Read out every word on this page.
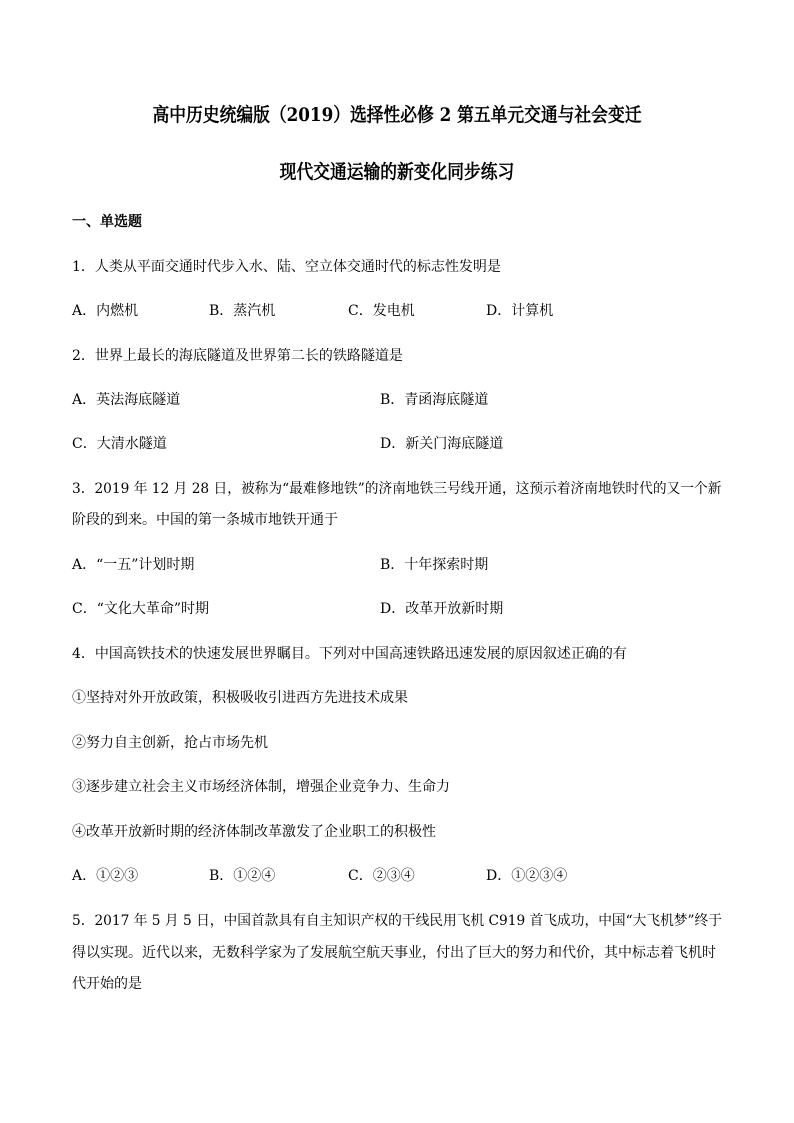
高中历史统编版（2019）选择性必修 2 第五单元交通与社会变迁
现代交通运输的新变化同步练习
一、单选题
1．人类从平面交通时代步入水、陆、空立体交通时代的标志性发明是
A．内燃机	B．蒸汽机	C．发电机	D．计算机
2．世界上最长的海底隧道及世界第二长的铁路隧道是
A．英法海底隧道	B．青函海底隧道
C．大清水隧道	D．新关门海底隧道
3．2019 年 12 月 28 日，被称为“最难修地铁”的济南地铁三号线开通，这预示着济南地铁时代的又一个新
阶段的到来。中国的第一条城市地铁开通于
A．“一五”计划时期	B．十年探索时期
C．“文化大革命”时期	D．改革开放新时期
4．中国高铁技术的快速发展世界瞩目。下列对中国高速铁路迅速发展的原因叙述正确的有
①坚持对外开放政策，积极吸收引进西方先进技术成果
②努力自主创新，抢占市场先机
③逐步建立社会主义市场经济体制，增强企业竞争力、生命力
④改革开放新时期的经济体制改革激发了企业职工的积极性
A．①②③	B．①②④	C．②③④	D．①②③④
5．2017 年 5 月 5 日，中国首款具有自主知识产权的干线民用飞机 C919 首飞成功，中国“大飞机梦”终于
得以实现。近代以来，无数科学家为了发展航空航天事业，付出了巨大的努力和代价，其中标志着飞机时
代开始的是
